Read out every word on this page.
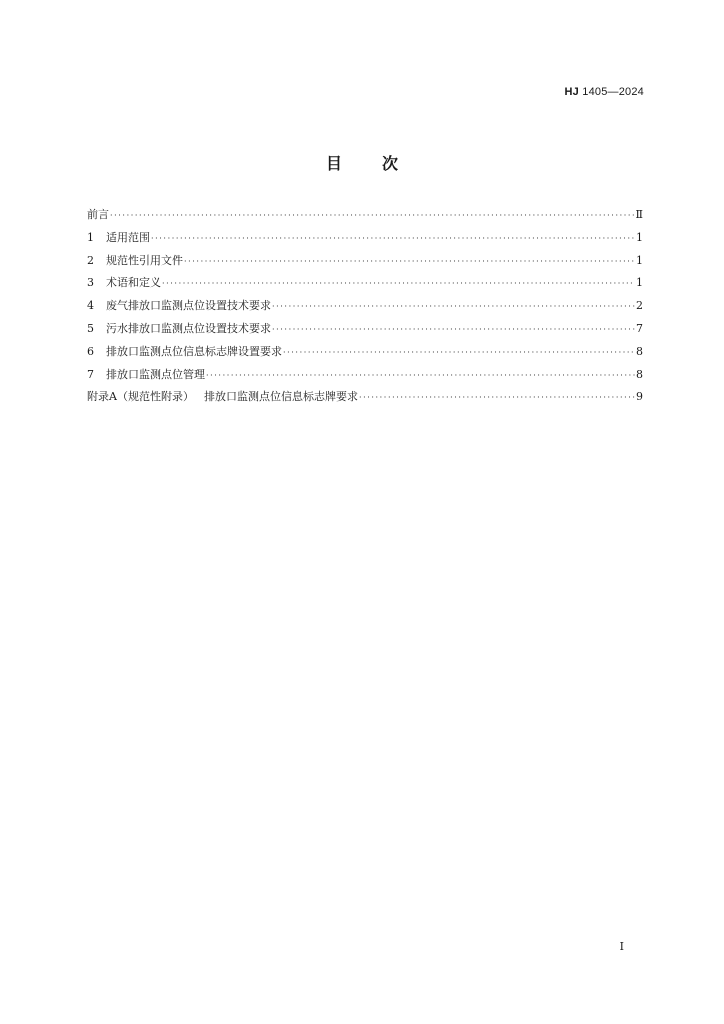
HJ 1405—2024
目次
前言 ·····	Ⅱ
1	适用范围 ·····	1
2	规范性引用文件 ·····	1
3	术语和定义 ·····	1
4	废气排放口监测点位设置技术要求 ·····	2
5	污水排放口监测点位设置技术要求 ·····	7
6	排放口监测点位信息标志牌设置要求 ·····	8
7	排放口监测点位管理 ·····	8
附录A（规范性附录） 排放口监测点位信息标志牌要求 ·····	9
I
